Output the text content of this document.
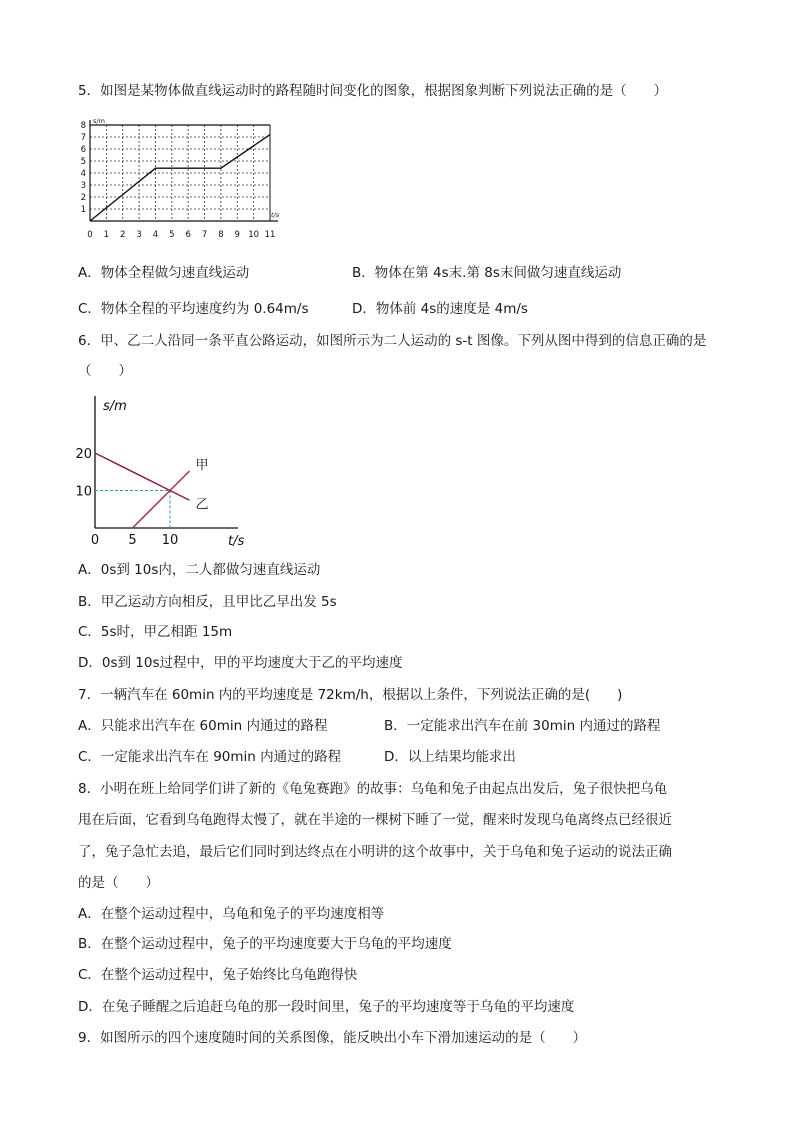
5．如图是某物体做直线运动时的路程随时间变化的图象，根据图象判断下列说法正确的是（　　）
0 1 2 3 4 5 6 7 8 9 10 11
1
2
3
4
5
6
7
8 s/m
t/s
A．物体全程做匀速直线运动	B．物体在第 4s末.第 8s末间做匀速直线运动
C．物体全程的平均速度约为 0.64m/s	D．物体前 4s的速度是 4m/s
6．甲、乙二人沿同一条平直公路运动，如图所示为二人运动的 s-t 图像。下列从图中得到的信息正确的是
（　　）
甲
乙
0 5 10
10
20
s/m
t/s
A．0s到 10s内，二人都做匀速直线运动
B．甲乙运动方向相反，且甲比乙早出发 5s
C．5s时，甲乙相距 15m
D．0s到 10s过程中，甲的平均速度大于乙的平均速度
7．一辆汽车在 60min 内的平均速度是 72km/h，根据以上条件，下列说法正确的是(　　)
A．只能求出汽车在 60min 内通过的路程	B．一定能求出汽车在前 30min 内通过的路程
C．一定能求出汽车在 90min 内通过的路程	D．以上结果均能求出
8．小明在班上给同学们讲了新的《龟兔赛跑》的故事：乌龟和兔子由起点出发后，兔子很快把乌龟
甩在后面，它看到乌龟跑得太慢了，就在半途的一棵树下睡了一觉，醒来时发现乌龟离终点已经很近
了，兔子急忙去追，最后它们同时到达终点在小明讲的这个故事中，关于乌龟和兔子运动的说法正确
的是（　　）
A．在整个运动过程中，乌龟和兔子的平均速度相等
B．在整个运动过程中，兔子的平均速度要大于乌龟的平均速度
C．在整个运动过程中，兔子始终比乌龟跑得快
D．在兔子睡醒之后追赶乌龟的那一段时间里，兔子的平均速度等于乌龟的平均速度
9．如图所示的四个速度随时间的关系图像，能反映出小车下滑加速运动的是（　　）
